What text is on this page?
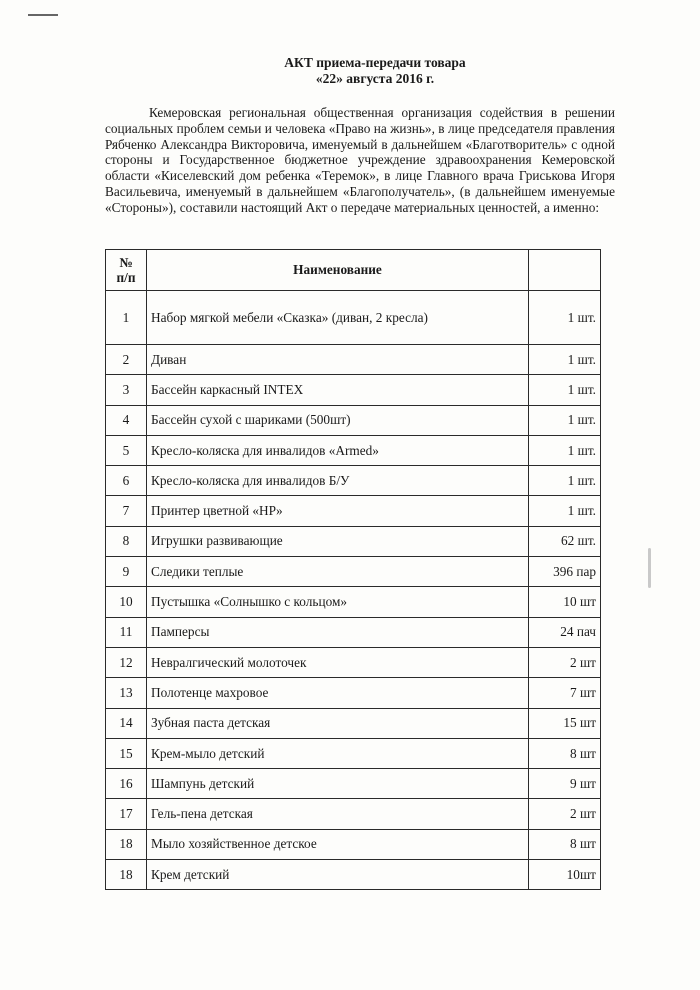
АКТ приема-передачи товара
«22» августа 2016 г.
Кемеровская региональная общественная организация содействия в решении социальных проблем семьи и человека «Право на жизнь», в лице председателя правления Рябченко Александра Викторовича, именуемый в дальнейшем «Благотворитель» с одной стороны и Государственное бюджетное учреждение здравоохранения Кемеровской области «Киселевский дом ребенка «Теремок», в лице Главного врача Гриськова Игоря Васильевича, именуемый в дальнейшем «Благополучатель», (в дальнейшем именуемые «Стороны»), составили настоящий Акт о передаче материальных ценностей, а именно:
№
п/п	Наименование	
1	Набор мягкой мебели «Сказка» (диван, 2 кресла)	1 шт.
2	Диван	1 шт.
3	Бассейн каркасный INTEX	1 шт.
4	Бассейн сухой с шариками (500шт)	1 шт.
5	Кресло-коляска для инвалидов «Armed»	1 шт.
6	Кресло-коляска для инвалидов Б/У	1 шт.
7	Принтер цветной «HP»	1 шт.
8	Игрушки развивающие	62 шт.
9	Следики теплые	396 пар
10	Пустышка «Солнышко с кольцом»	10 шт
11	Памперсы	24 пач
12	Невралгический молоточек	2 шт
13	Полотенце махровое	7 шт
14	Зубная паста детская	15 шт
15	Крем-мыло детский	8 шт
16	Шампунь детский	9 шт
17	Гель-пена детская	2 шт
18	Мыло хозяйственное детское	8 шт
18	Крем детский	10шт
